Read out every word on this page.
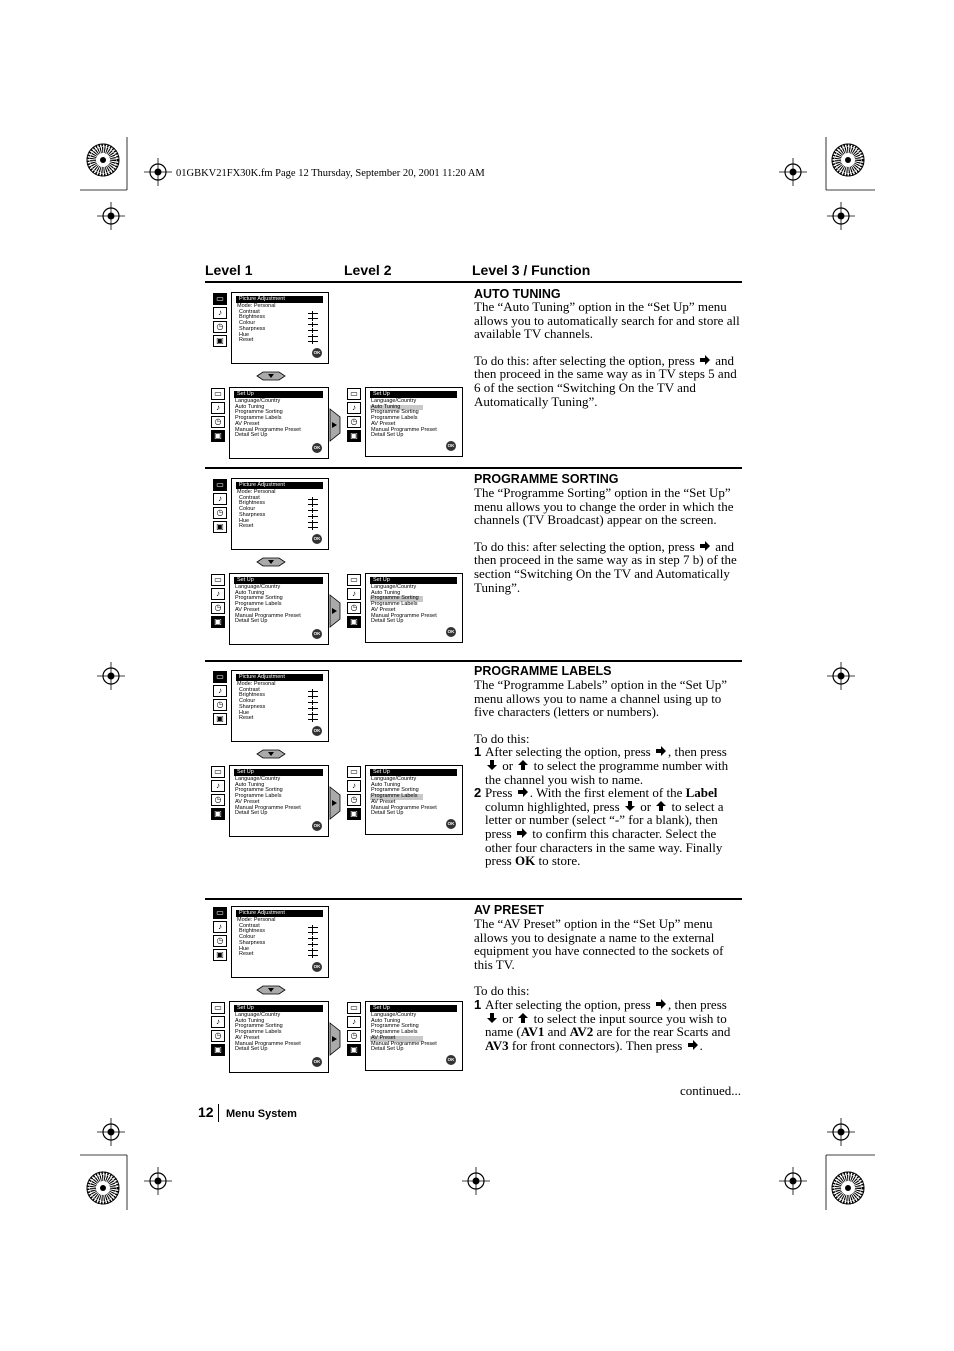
01GBKV21FX30K.fm Page 12 Thursday, September 20, 2001 11:20 AM
Level 1	Level 2	Level 3 / Function
▭
♪
◷
▣
Picture Adjustment
Mode: Personal
Contrast
Brightness
Colour
Sharpness
Hue
Reset
OK
▭
♪
◷
▣
Set Up
Language/Country
Auto Tuning
Programme Sorting
Programme Labels
AV Preset
Manual Programme Preset
Detail Set Up
OK
▭
♪
◷
▣
Set Up
Language/Country
Auto Tuning
Programme Sorting
Programme Labels
AV Preset
Manual Programme Preset
Detail Set Up
OK
▭
♪
◷
▣
Picture Adjustment
Mode: Personal
Contrast
Brightness
Colour
Sharpness
Hue
Reset
OK
▭
♪
◷
▣
Set Up
Language/Country
Auto Tuning
Programme Sorting
Programme Labels
AV Preset
Manual Programme Preset
Detail Set Up
OK
▭
♪
◷
▣
Set Up
Language/Country
Auto Tuning
Programme Sorting
Programme Labels
AV Preset
Manual Programme Preset
Detail Set Up
OK
▭
♪
◷
▣
Picture Adjustment
Mode: Personal
Contrast
Brightness
Colour
Sharpness
Hue
Reset
OK
▭
♪
◷
▣
Set Up
Language/Country
Auto Tuning
Programme Sorting
Programme Labels
AV Preset
Manual Programme Preset
Detail Set Up
OK
▭
♪
◷
▣
Set Up
Language/Country
Auto Tuning
Programme Sorting
Programme Labels
AV Preset
Manual Programme Preset
Detail Set Up
OK
▭
♪
◷
▣
Picture Adjustment
Mode: Personal
Contrast
Brightness
Colour
Sharpness
Hue
Reset
OK
▭
♪
◷
▣
Set Up
Language/Country
Auto Tuning
Programme Sorting
Programme Labels
AV Preset
Manual Programme Preset
Detail Set Up
OK
▭
♪
◷
▣
Set Up
Language/Country
Auto Tuning
Programme Sorting
Programme Labels
AV Preset
Manual Programme Preset
Detail Set Up
OK
AUTO TUNING

The “Auto Tuning” option in the “Set Up” menu allows you to automatically search for and store all available TV channels.

To do this: after selecting the option, press and then proceed in the same way as in TV steps 5 and 6 of the section “Switching On the TV and Automatically Tuning”.

PROGRAMME SORTING

The “Programme Sorting” option in the “Set Up” menu allows you to change the order in which the channels (TV Broadcast) appear on the screen.

To do this: after selecting the option, press and then proceed in the same way as in step 7 b) of the section “Switching On the TV and Automatically Tuning”.

PROGRAMME LABELS

The “Programme Labels” option in the “Set Up” menu allows you to name a channel using up to five characters (letters or numbers).

To do this:

1 After selecting the option, press , then press  or to select the programme number with the channel you wish to name.

2 Press . With the first element of the Label column highlighted, press or to select a letter or number (select “-” for a blank), then press to confirm this character. Select the other four characters in the same way. Finally press OK to store.

AV PRESET

The “AV Preset” option in the “Set Up” menu allows you to designate a name to the external equipment you have connected to the sockets of this TV.

To do this:

1 After selecting the option, press , then press  or to select the input source you wish to name (AV1 and AV2 are for the rear Scarts and AV3 for front connectors). Then press .

continued...
12 Menu System
